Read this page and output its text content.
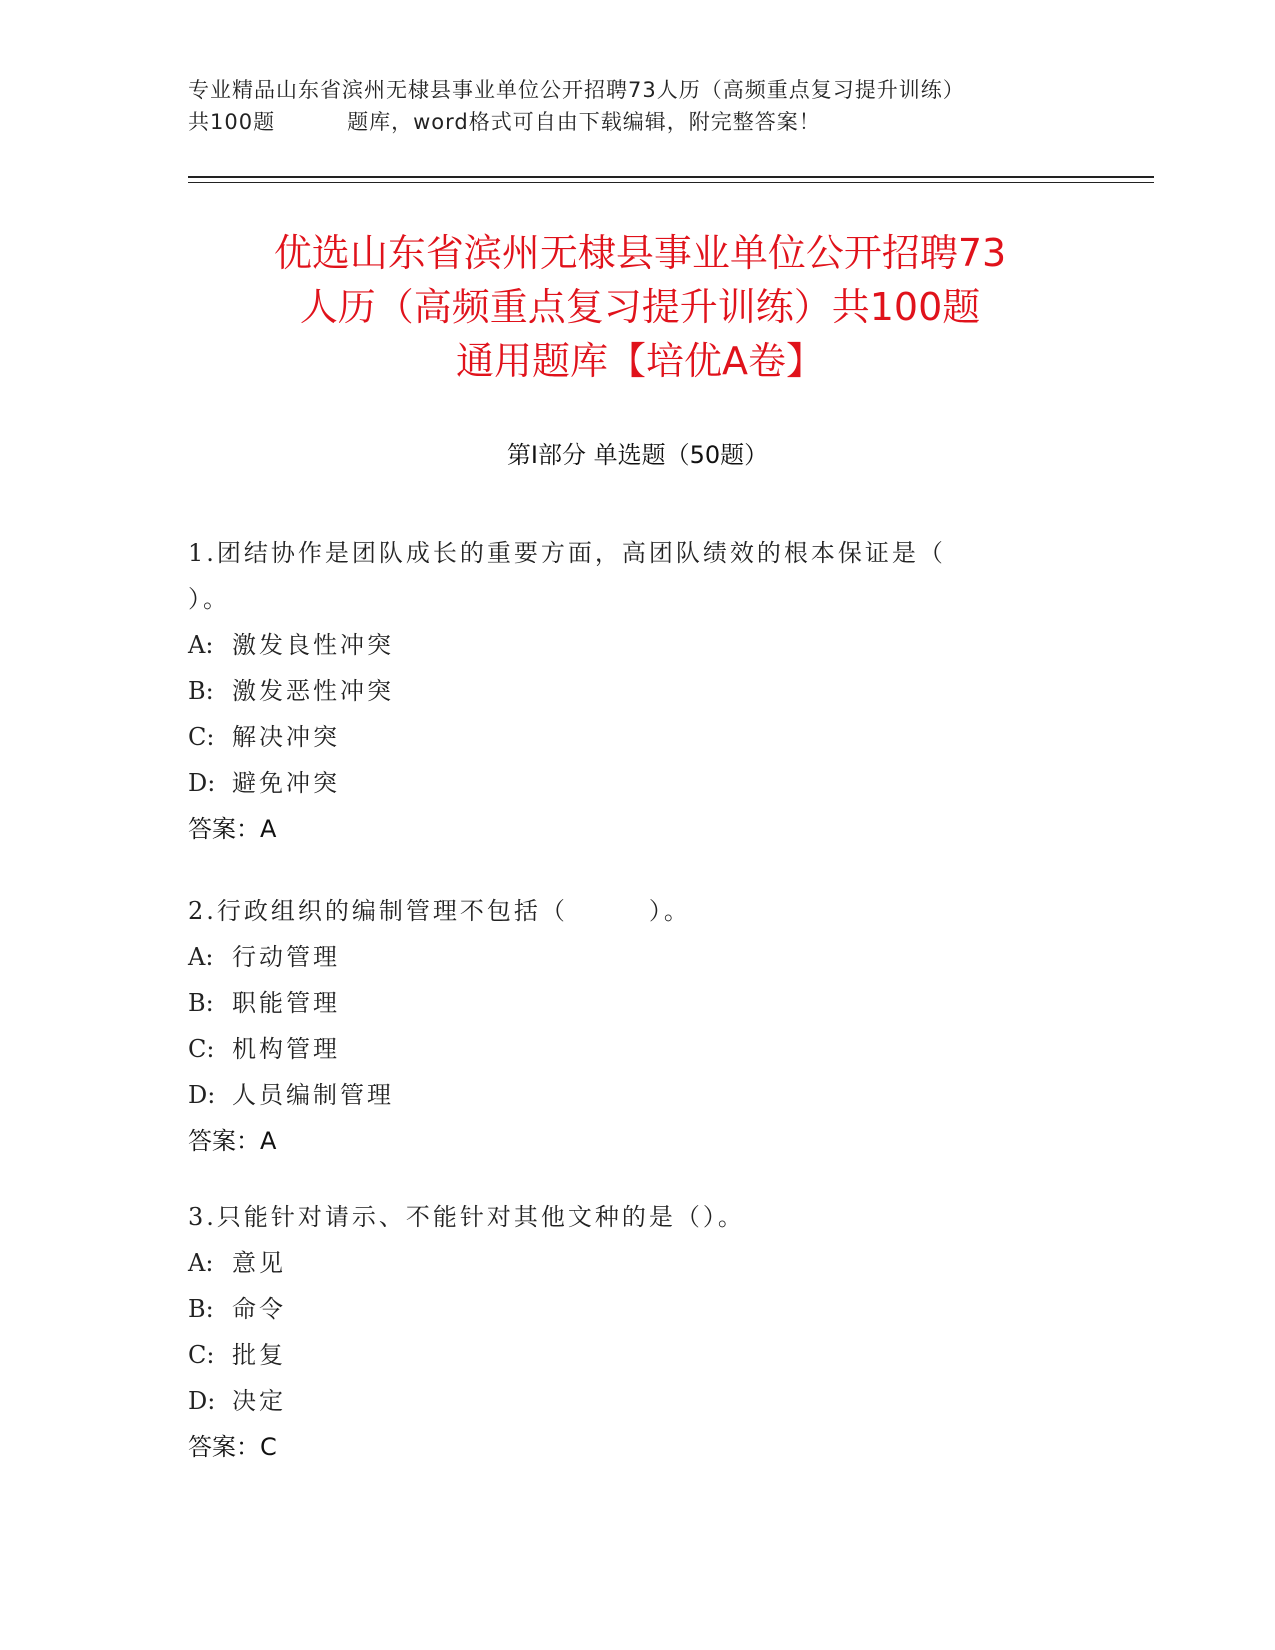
专业精品山东省滨州无棣县事业单位公开招聘73人历（高频重点复习提升训练）
共100题	题库，word格式可自由下载编辑，附完整答案！
优选山东省滨州无棣县事业单位公开招聘73
人历（高频重点复习提升训练）共100题
通用题库【培优A卷】
第Ⅰ部分 单选题（50题）
1.团结协作是团队成长的重要方面，高团队绩效的根本保证是（
）。
A: 激发良性冲突
B: 激发恶性冲突
C: 解决冲突
D: 避免冲突
答案：A
2.行政组织的编制管理不包括（　　　）。
A: 行动管理
B: 职能管理
C: 机构管理
D: 人员编制管理
答案：A
3.只能针对请示、不能针对其他文种的是（）。
A: 意见
B: 命令
C: 批复
D: 决定
答案：C
